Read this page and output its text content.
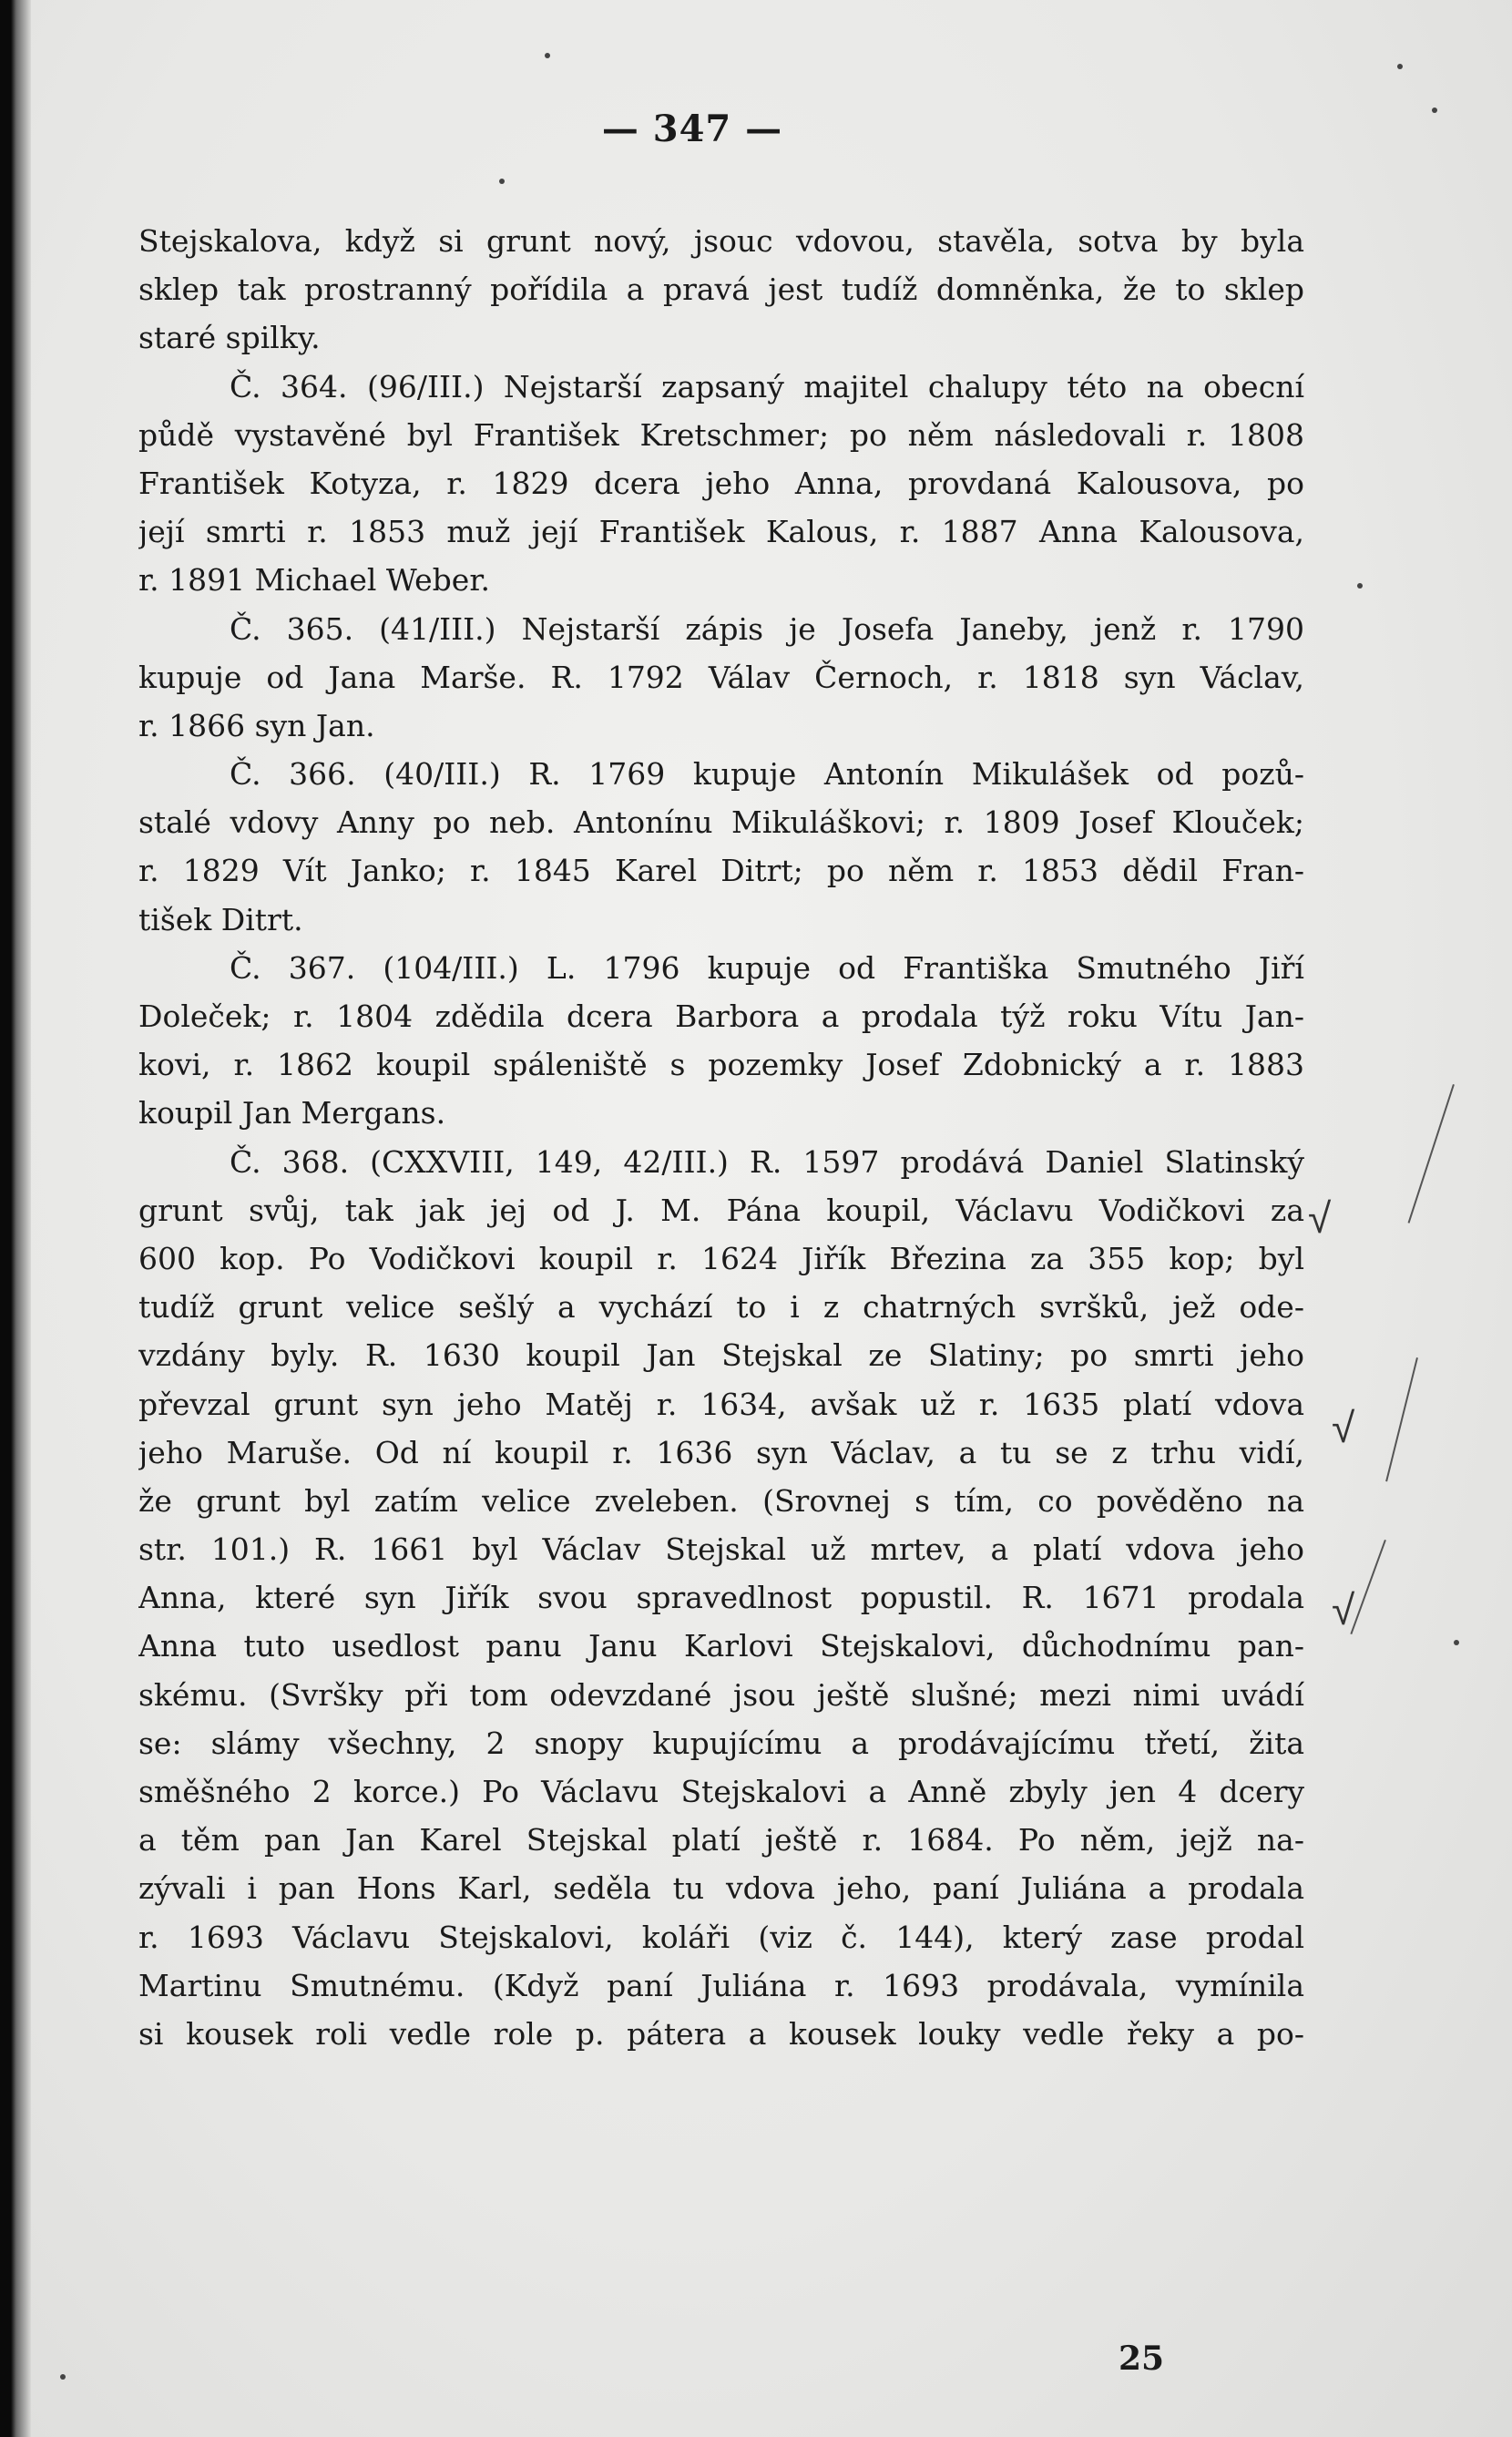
— 347 —
Stejskalova, když si grunt nový, jsouc vdovou, stavěla, sotva by byla
sklep tak prostranný pořídila a pravá jest tudíž domněnka, že to sklep
staré spilky.
Č. 364. (96/III.) Nejstarší zapsaný majitel chalupy této na obecní
půdě vystavěné byl František Kretschmer; po něm následovali r. 1808
František Kotyza, r. 1829 dcera jeho Anna, provdaná Kalousova, po
její smrti r. 1853 muž její František Kalous, r. 1887 Anna Kalousova,
r. 1891 Michael Weber.
Č. 365. (41/III.) Nejstarší zápis je Josefa Janeby, jenž r. 1790
kupuje od Jana Marše. R. 1792 Válav Černoch, r. 1818 syn Václav,
r. 1866 syn Jan.
Č. 366. (40/III.) R. 1769 kupuje Antonín Mikulášek od pozů-
stalé vdovy Anny po neb. Antonínu Mikuláškovi; r. 1809 Josef Klouček;
r. 1829 Vít Janko; r. 1845 Karel Ditrt; po něm r. 1853 dědil Fran-
tišek Ditrt.
Č. 367. (104/III.) L. 1796 kupuje od Františka Smutného Jiří
Doleček; r. 1804 zdědila dcera Barbora a prodala týž roku Vítu Jan-
kovi, r. 1862 koupil spáleniště s pozemky Josef Zdobnický a r. 1883
koupil Jan Mergans.
Č. 368. (CXXVIII, 149, 42/III.) R. 1597 prodává Daniel Slatinský
grunt svůj, tak jak jej od J. M. Pána koupil, Václavu Vodičkovi za
600 kop. Po Vodičkovi koupil r. 1624 Jiřík Březina za 355 kop; byl
tudíž grunt velice sešlý a vychází to i z chatrných svršků, jež ode-
vzdány byly. R. 1630 koupil Jan Stejskal ze Slatiny; po smrti jeho
převzal grunt syn jeho Matěj r. 1634, avšak už r. 1635 platí vdova
jeho Maruše. Od ní koupil r. 1636 syn Václav, a tu se z trhu vidí,
že grunt byl zatím velice zveleben. (Srovnej s tím, co pověděno na
str. 101.) R. 1661 byl Václav Stejskal už mrtev, a platí vdova jeho
Anna, které syn Jiřík svou spravedlnost popustil. R. 1671 prodala
Anna tuto usedlost panu Janu Karlovi Stejskalovi, důchodnímu pan-
skému. (Svršky při tom odevzdané jsou ještě slušné; mezi nimi uvádí
se: slámy všechny, 2 snopy kupujícímu a prodávajícímu třetí, žita
směšného 2 korce.) Po Václavu Stejskalovi a Anně zbyly jen 4 dcery
a těm pan Jan Karel Stejskal platí ještě r. 1684. Po něm, jejž na-
zývali i pan Hons Karl, seděla tu vdova jeho, paní Juliána a prodala
r. 1693 Václavu Stejskalovi, koláři (viz č. 144), který zase prodal
Martinu Smutnému. (Když paní Juliána r. 1693 prodávala, vymínila
si kousek roli vedle role p. pátera a kousek louky vedle řeky a po-
25
√
√
√
